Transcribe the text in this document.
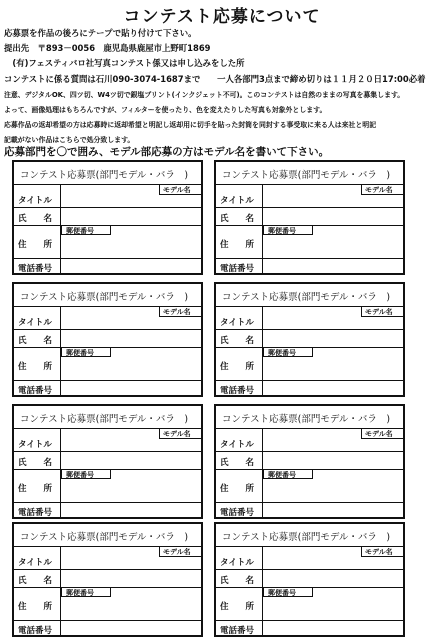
コンテスト応募について
応募票を作品の後ろにテープで貼り付けて下さい。
提出先　〒893－0056　鹿児島県鹿屋市上野町1869
　(有)フェスティバロ社写真コンテスト係又は申し込みをした所
コンテストに係る質問は石川090-3074-1687まで　　一人各部門3点まで締め切りは１１月２０日17:00必着
注意、デジタルOK、四ツ切、W4ツ切で銀塩プリント(インクジェット不可)。このコンテストは自然のままの写真を募集します。
よって、画像処理はもちろんですが、フィルターを使ったり、色を変えたりした写真も対象外とします。
応募作品の返却希望の方は応募時に返却希望と明記し返却用に切手を貼った封筒を同封する事受取に来る人は来社と明記
記載がない作品はこちらで処分致します。
応募部門を〇で囲み、モデル部応募の方はモデル名を書いて下さい。
コンテスト応募票(部門モデル・バラ　)
モデル名
タイトル
氏　　名
郵便番号
住　　所
電話番号
コンテスト応募票(部門モデル・バラ　)
モデル名
タイトル
氏　　名
郵便番号
住　　所
電話番号
コンテスト応募票(部門モデル・バラ　)
モデル名
タイトル
氏　　名
郵便番号
住　　所
電話番号
コンテスト応募票(部門モデル・バラ　)
モデル名
タイトル
氏　　名
郵便番号
住　　所
電話番号
コンテスト応募票(部門モデル・バラ　)
モデル名
タイトル
氏　　名
郵便番号
住　　所
電話番号
コンテスト応募票(部門モデル・バラ　)
モデル名
タイトル
氏　　名
郵便番号
住　　所
電話番号
コンテスト応募票(部門モデル・バラ　)
モデル名
タイトル
氏　　名
郵便番号
住　　所
電話番号
コンテスト応募票(部門モデル・バラ　)
モデル名
タイトル
氏　　名
郵便番号
住　　所
電話番号
